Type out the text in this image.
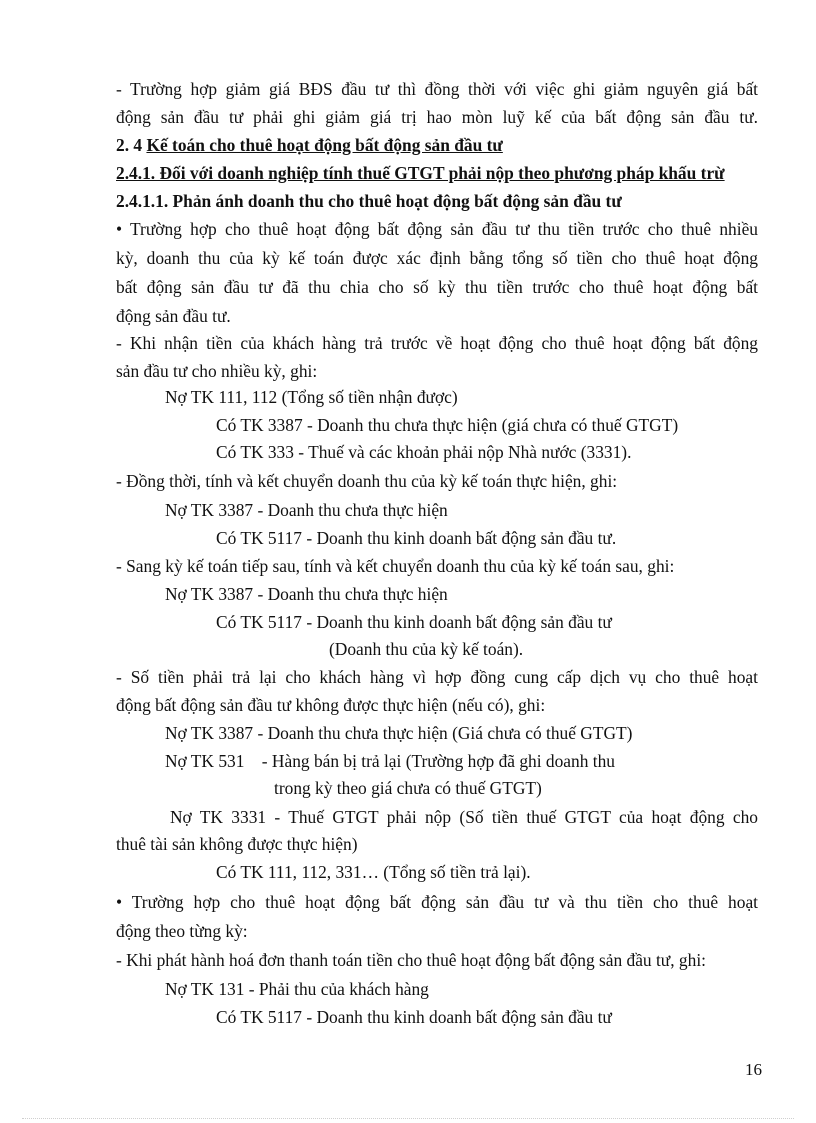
- Trường hợp giảm giá BĐS đầu tư thì đồng thời với việc ghi giảm nguyên giá bất
động sản đầu tư phải ghi giảm giá trị hao mòn luỹ kế của bất động sản đầu tư.
2. 4 Kế toán cho thuê hoạt động bất động sản đầu tư
2.4.1. Đối với doanh nghiệp tính thuế GTGT phải nộp theo phương pháp khấu trừ
2.4.1.1. Phản ánh doanh thu cho thuê hoạt động bất động sản đầu tư
• Trường hợp cho thuê hoạt động bất động sản đầu tư thu tiền trước cho thuê nhiều
kỳ, doanh thu của kỳ kế toán được xác định bằng tổng số tiền cho thuê hoạt động
bất động sản đầu tư đã thu chia cho số kỳ thu tiền trước cho thuê hoạt động bất
động sản đầu tư.
- Khi nhận tiền của khách hàng trả trước về hoạt động cho thuê hoạt động bất động
sản đầu tư cho nhiều kỳ, ghi:
Nợ TK 111, 112 (Tổng số tiền nhận được)
Có TK 3387 - Doanh thu chưa thực hiện (giá chưa có thuế GTGT)
Có TK 333 - Thuế và các khoản phải nộp Nhà nước (3331).
- Đồng thời, tính và kết chuyển doanh thu của kỳ kế toán thực hiện, ghi:
Nợ TK 3387 - Doanh thu chưa thực hiện
Có TK 5117 - Doanh thu kinh doanh bất động sản đầu tư.
- Sang kỳ kế toán tiếp sau, tính và kết chuyển doanh thu của kỳ kế toán sau, ghi:
Nợ TK 3387 - Doanh thu chưa thực hiện
Có TK 5117 - Doanh thu kinh doanh bất động sản đầu tư
(Doanh thu của kỳ kế toán).
- Số tiền phải trả lại cho khách hàng vì hợp đồng cung cấp dịch vụ cho thuê hoạt
động bất động sản đầu tư không được thực hiện (nếu có), ghi:
Nợ TK 3387 - Doanh thu chưa thực hiện (Giá chưa có thuế GTGT)
Nợ TK 531    - Hàng bán bị trả lại (Trường hợp đã ghi doanh thu
trong kỳ theo giá chưa có thuế GTGT)
Nợ TK 3331 - Thuế GTGT phải nộp (Số tiền thuế GTGT của hoạt động cho
thuê tài sản không được thực hiện)
Có TK 111, 112, 331… (Tổng số tiền trả lại).
• Trường hợp cho thuê hoạt động bất động sản đầu tư và thu tiền cho thuê hoạt
động theo từng kỳ:
- Khi phát hành hoá đơn thanh toán tiền cho thuê hoạt động bất động sản đầu tư, ghi:
Nợ TK 131 - Phải thu của khách hàng
Có TK 5117 - Doanh thu kinh doanh bất động sản đầu tư
16
